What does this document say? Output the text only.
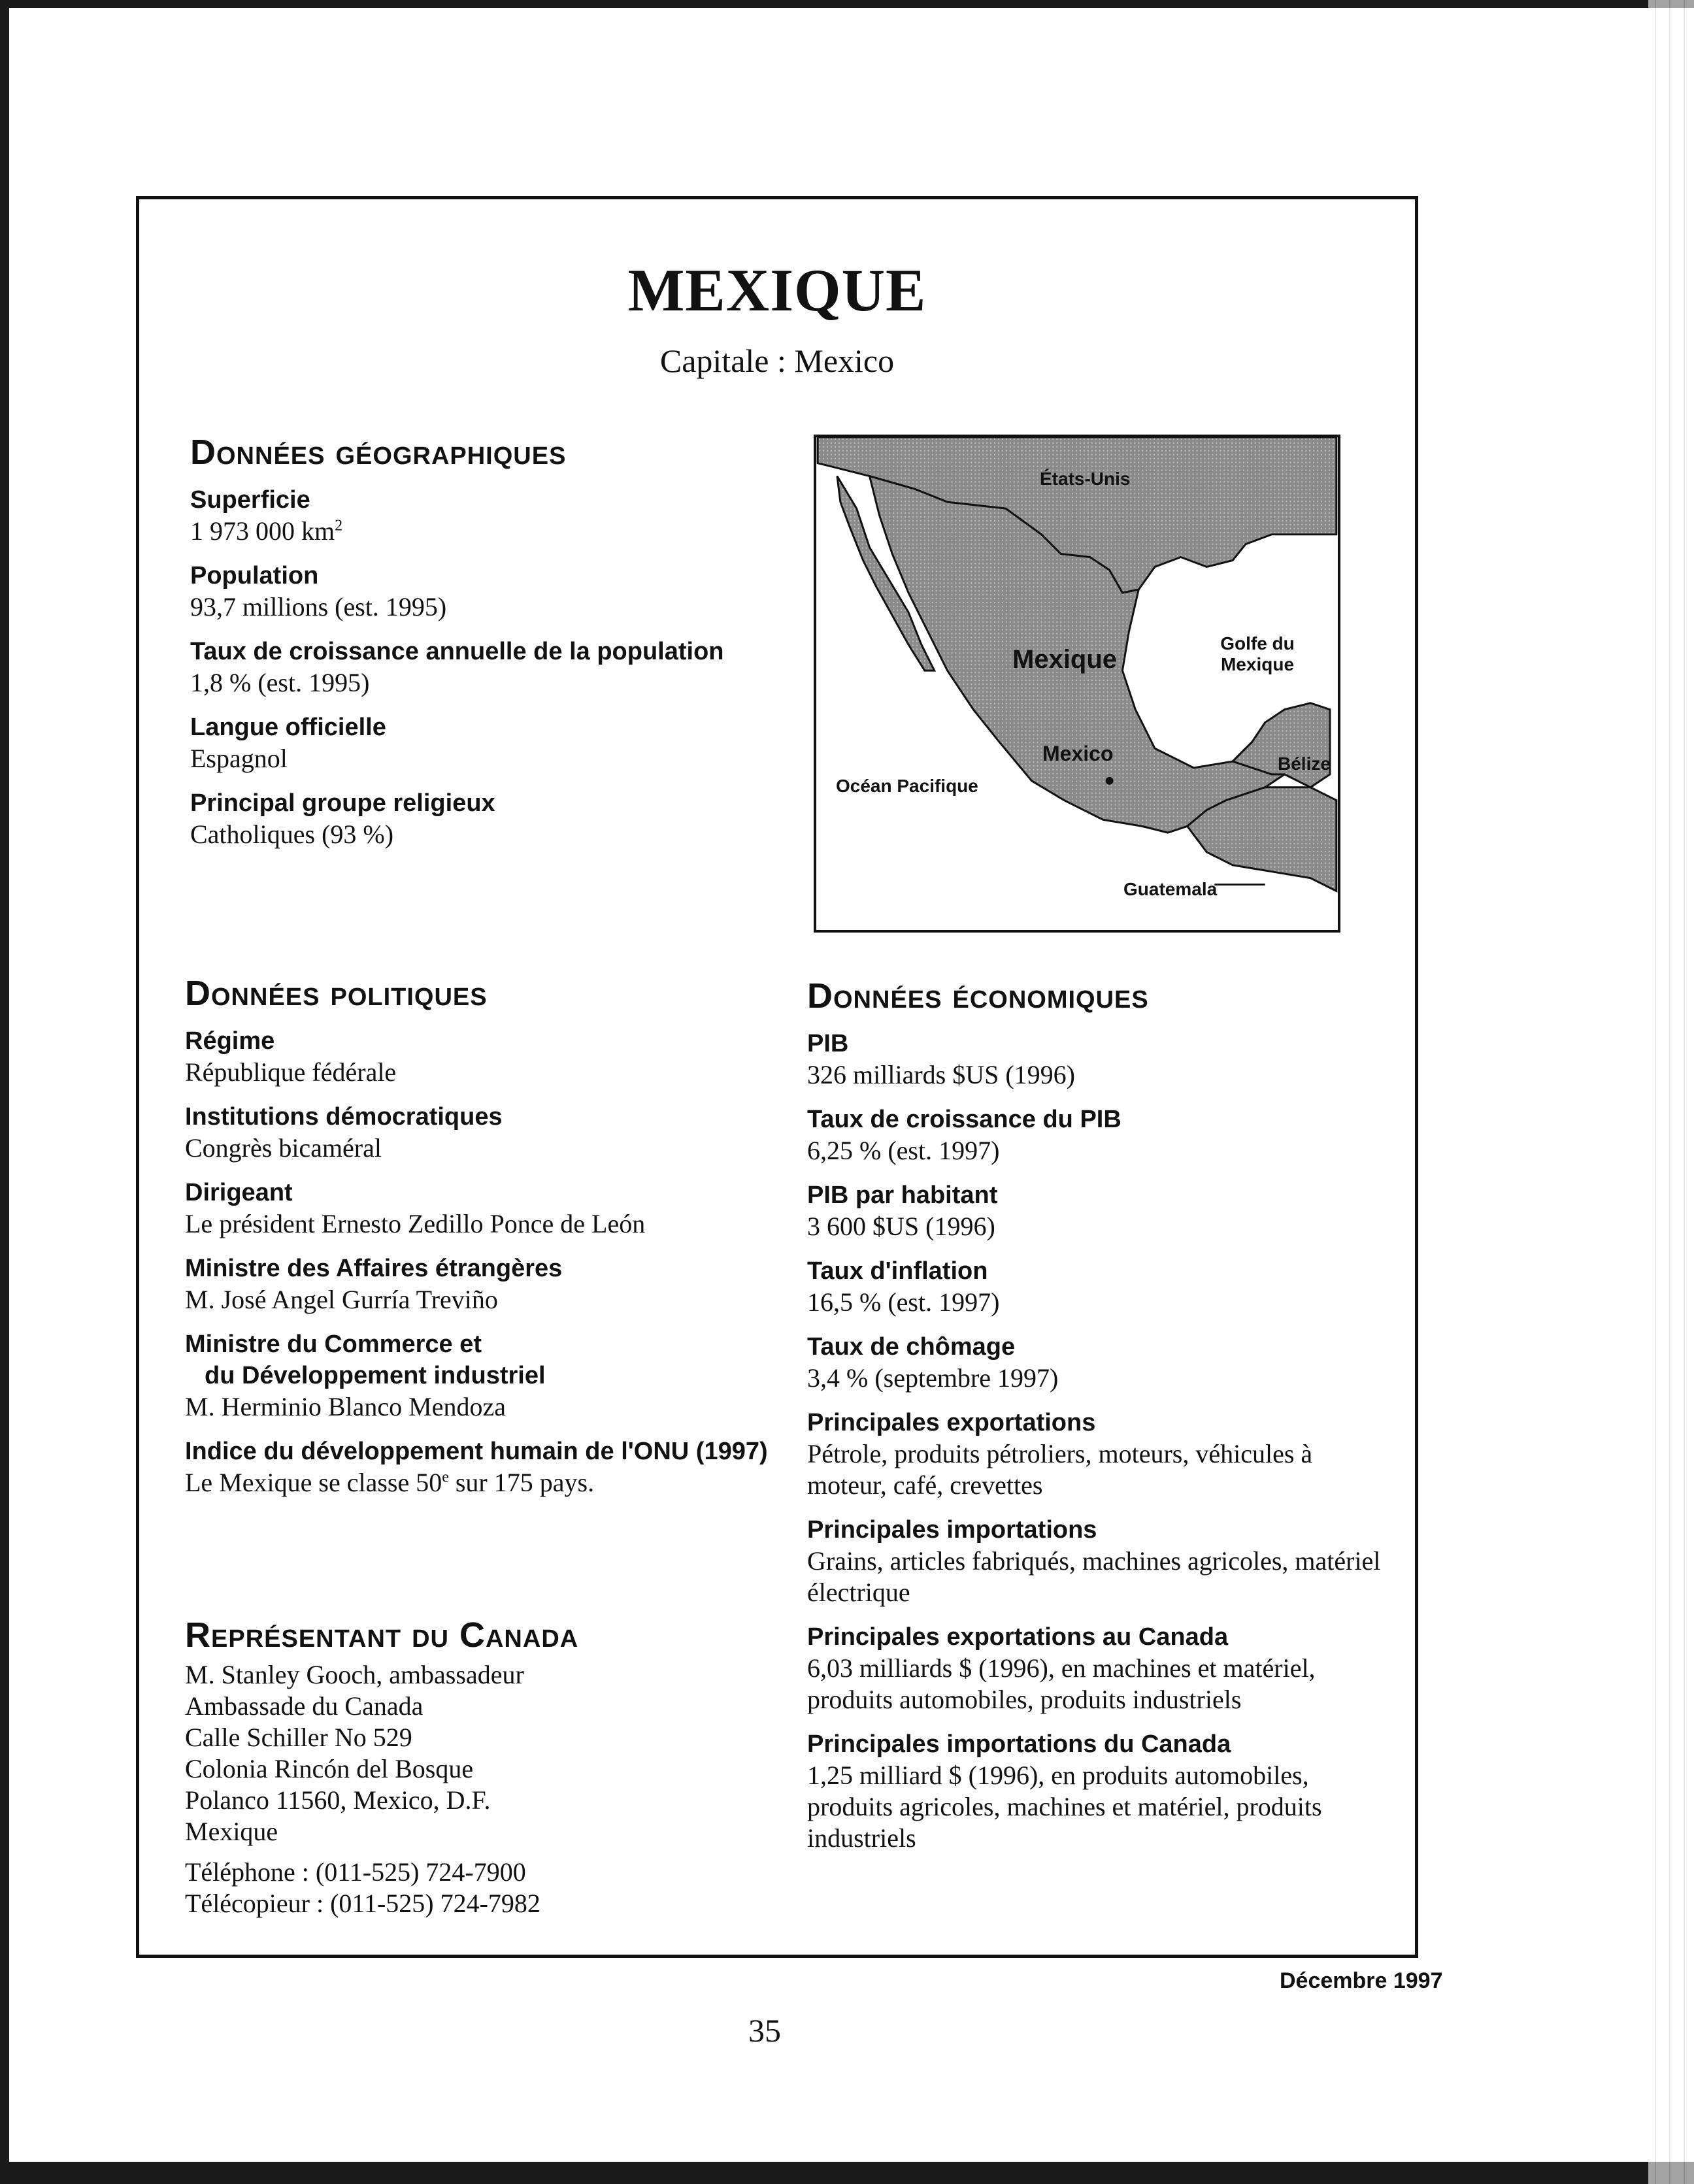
MEXIQUE
Capitale : Mexico
Données géographiques
Superficie
1 973 000 $km^2$
Population
93,7 millions (est. 1995)
Taux de croissance annuelle de la population
1,8 % (est. 1995)
Langue officielle
Espagnol
Principal groupe religieux
Catholiques (93 %)
États-Unis
Mexique
Golfe du Mexique
Mexico
Océan Pacifique
Bélize
Guatemala
Données politiques
Régime
République fédérale
Institutions démocratiques
Congrès bicaméral
Dirigeant
Le président Ernesto Zedillo Ponce de León
Ministre des Affaires étrangères
M. José Angel Gurría Treviño
Ministre du Commerce et
du Développement industriel
M. Herminio Blanco Mendoza
Indice du développement humain de l'ONU (1997)
Le Mexique se classe 50e sur 175 pays.
Représentant du Canada
M. Stanley Gooch, ambassadeur
Ambassade du Canada
Calle Schiller No 529
Colonia Rincón del Bosque
Polanco 11560, Mexico, D.F.
Mexique
Téléphone : (011-525) 724-7900
Télécopieur : (011-525) 724-7982
Données économiques
PIB
326 milliards $US (1996)
Taux de croissance du PIB
6,25 % (est. 1997)
PIB par habitant
3 600 $US (1996)
Taux d'inflation
16,5 % (est. 1997)
Taux de chômage
3,4 % (septembre 1997)
Principales exportations
Pétrole, produits pétroliers, moteurs, véhicules à moteur, café, crevettes
Principales importations
Grains, articles fabriqués, machines agricoles, matériel électrique
Principales exportations au Canada
6,03 milliards $ (1996), en machines et matériel, produits automobiles, produits industriels
Principales importations du Canada
1,25 milliard $ (1996), en produits automobiles, produits agricoles, machines et matériel, produits industriels
Décembre 1997
35
